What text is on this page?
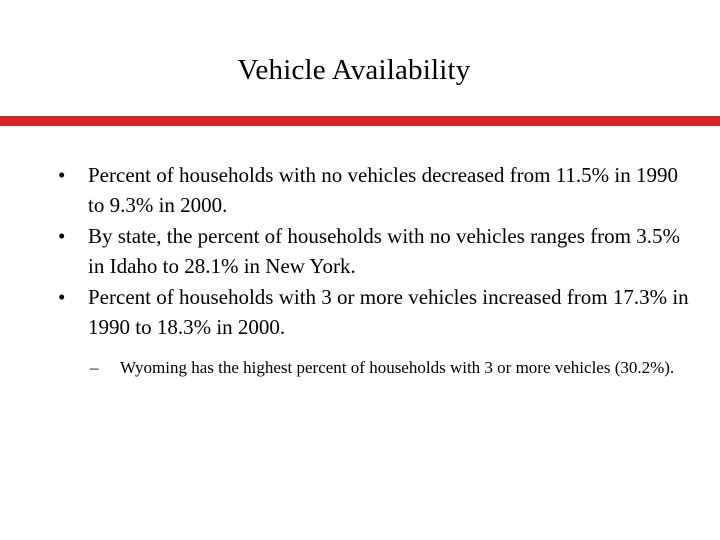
Vehicle Availability
•	Percent of households with no vehicles decreased from 11.5% in 1990 to 9.3% in 2000.
•	By state, the percent of households with no vehicles ranges from 3.5% in Idaho to 28.1% in New York.
•	Percent of households with 3 or more vehicles increased from 17.3% in 1990 to 18.3% in 2000.
– Wyoming has the highest percent of households with 3 or more vehicles (30.2%).
